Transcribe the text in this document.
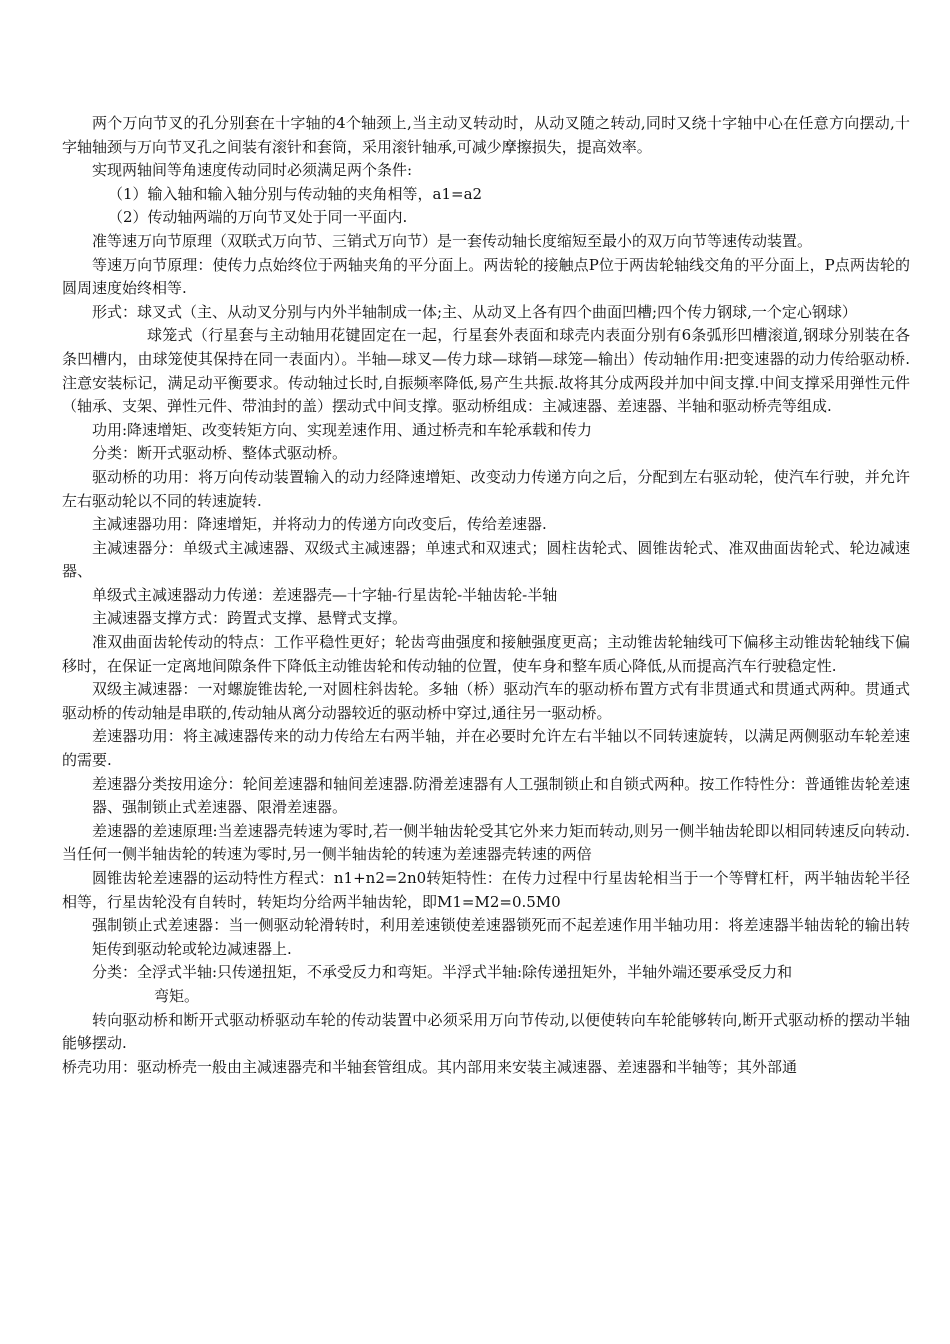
两个万向节叉的孔分别套在十字轴的4个轴颈上,当主动叉转动时，从动叉随之转动,同时又绕十字轴中心在任意方向摆动,十字轴轴颈与万向节叉孔之间装有滚针和套筒，采用滚针轴承,可减少摩擦损失，提高效率。

实现两轴间等角速度传动同时必须满足两个条件:

（1）输入轴和输入轴分别与传动轴的夹角相等，a1=a2

（2）传动轴两端的万向节叉处于同一平面内.

准等速万向节原理（双联式万向节、三销式万向节）是一套传动轴长度缩短至最小的双万向节等速传动装置。

等速万向节原理：使传力点始终位于两轴夹角的平分面上。两齿轮的接触点P位于两齿轮轴线交角的平分面上，P点两齿轮的圆周速度始终相等.

形式：球叉式（主、从动叉分别与内外半轴制成一体;主、从动叉上各有四个曲面凹槽;四个传力钢球,一个定心钢球）

球笼式（行星套与主动轴用花键固定在一起，行星套外表面和球壳内表面分别有6条弧形凹槽滚道,钢球分别装在各条凹槽内，由球笼使其保持在同一表面内）。半轴—球叉—传力球—球销—球笼—输出）传动轴作用:把变速器的动力传给驱动桥.注意安装标记，满足动平衡要求。传动轴过长时,自振频率降低,易产生共振.故将其分成两段并加中间支撑.中间支撑采用弹性元件（轴承、支架、弹性元件、带油封的盖）摆动式中间支撑。驱动桥组成：主减速器、差速器、半轴和驱动桥壳等组成.

功用:降速增矩、改变转矩方向、实现差速作用、通过桥壳和车轮承载和传力

分类：断开式驱动桥、整体式驱动桥。

驱动桥的功用：将万向传动装置输入的动力经降速增矩、改变动力传递方向之后，分配到左右驱动轮，使汽车行驶，并允许左右驱动轮以不同的转速旋转.

主减速器功用：降速增矩，并将动力的传递方向改变后，传给差速器.

主减速器分：单级式主减速器、双级式主减速器；单速式和双速式；圆柱齿轮式、圆锥齿轮式、准双曲面齿轮式、轮边减速器、

单级式主减速器动力传递：差速器壳—十字轴-行星齿轮-半轴齿轮-半轴

主减速器支撑方式：跨置式支撑、悬臂式支撑。

准双曲面齿轮传动的特点：工作平稳性更好；轮齿弯曲强度和接触强度更高；主动锥齿轮轴线可下偏移主动锥齿轮轴线下偏移时，在保证一定离地间隙条件下降低主动锥齿轮和传动轴的位置，使车身和整车质心降低,从而提高汽车行驶稳定性.

双级主减速器：一对螺旋锥齿轮,一对圆柱斜齿轮。多轴（桥）驱动汽车的驱动桥布置方式有非贯通式和贯通式两种。贯通式驱动桥的传动轴是串联的,传动轴从离分动器较近的驱动桥中穿过,通往另一驱动桥。

差速器功用：将主减速器传来的动力传给左右两半轴，并在必要时允许左右半轴以不同转速旋转，以满足两侧驱动车轮差速的需要.

差速器分类按用途分：轮间差速器和轴间差速器.防滑差速器有人工强制锁止和自锁式两种。按工作特性分：普通锥齿轮差速器、强制锁止式差速器、限滑差速器。

差速器的差速原理:当差速器壳转速为零时,若一侧半轴齿轮受其它外来力矩而转动,则另一侧半轴齿轮即以相同转速反向转动.当任何一侧半轴齿轮的转速为零时,另一侧半轴齿轮的转速为差速器壳转速的两倍

圆锥齿轮差速器的运动特性方程式：n1+n2=2n0转矩特性：在传力过程中行星齿轮相当于一个等臂杠杆，两半轴齿轮半径相等，行星齿轮没有自转时，转矩均分给两半轴齿轮，即M1=M2=0.5M0

强制锁止式差速器：当一侧驱动轮滑转时，利用差速锁使差速器锁死而不起差速作用半轴功用：将差速器半轴齿轮的输出转矩传到驱动轮或轮边减速器上.

分类：全浮式半轴:只传递扭矩，不承受反力和弯矩。半浮式半轴:除传递扭矩外，半轴外端还要承受反力和

弯矩。

转向驱动桥和断开式驱动桥驱动车轮的传动装置中必须采用万向节传动,以便使转向车轮能够转向,断开式驱动桥的摆动半轴能够摆动.

桥壳功用：驱动桥壳一般由主减速器壳和半轴套管组成。其内部用来安装主减速器、差速器和半轴等；其外部通
